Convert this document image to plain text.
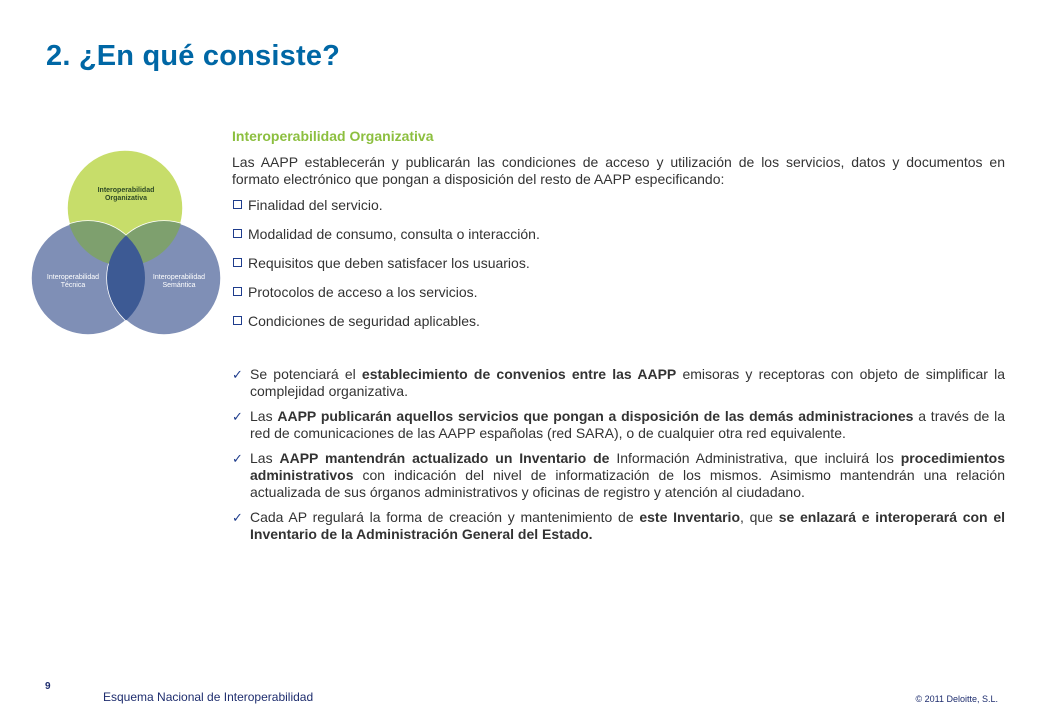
2. ¿En qué consiste?
Interoperabilidad Organizativa
Interoperabilidad Técnica
Interoperabilidad Semántica
Interoperabilidad Organizativa
Las AAPP establecerán y publicarán las condiciones de acceso y utilización de los servicios, datos y documentos en formato electrónico que pongan a disposición del resto de AAPP especificando:
Finalidad del servicio.
Modalidad de consumo, consulta o interacción.
Requisitos que deben satisfacer los usuarios.
Protocolos de acceso a los servicios.
Condiciones de seguridad aplicables.
✓ Se potenciará el establecimiento de convenios entre las AAPP emisoras y receptoras con objeto de simplificar la complejidad organizativa.
✓ Las AAPP publicarán aquellos servicios que pongan a disposición de las demás administraciones a través de la red de comunicaciones de las AAPP españolas (red SARA), o de cualquier otra red equivalente.
✓ Las AAPP mantendrán actualizado un Inventario de Información Administrativa, que incluirá los procedimientos administrativos con indicación del nivel de informatización de los mismos. Asimismo mantendrán una relación actualizada de sus órganos administrativos y oficinas de registro y atención al ciudadano.
✓ Cada AP regulará la forma de creación y mantenimiento de este Inventario, que se enlazará e interoperará con el Inventario de la Administración General del Estado.
9
Esquema Nacional de Interoperabilidad	© 2011 Deloitte, S.L.
